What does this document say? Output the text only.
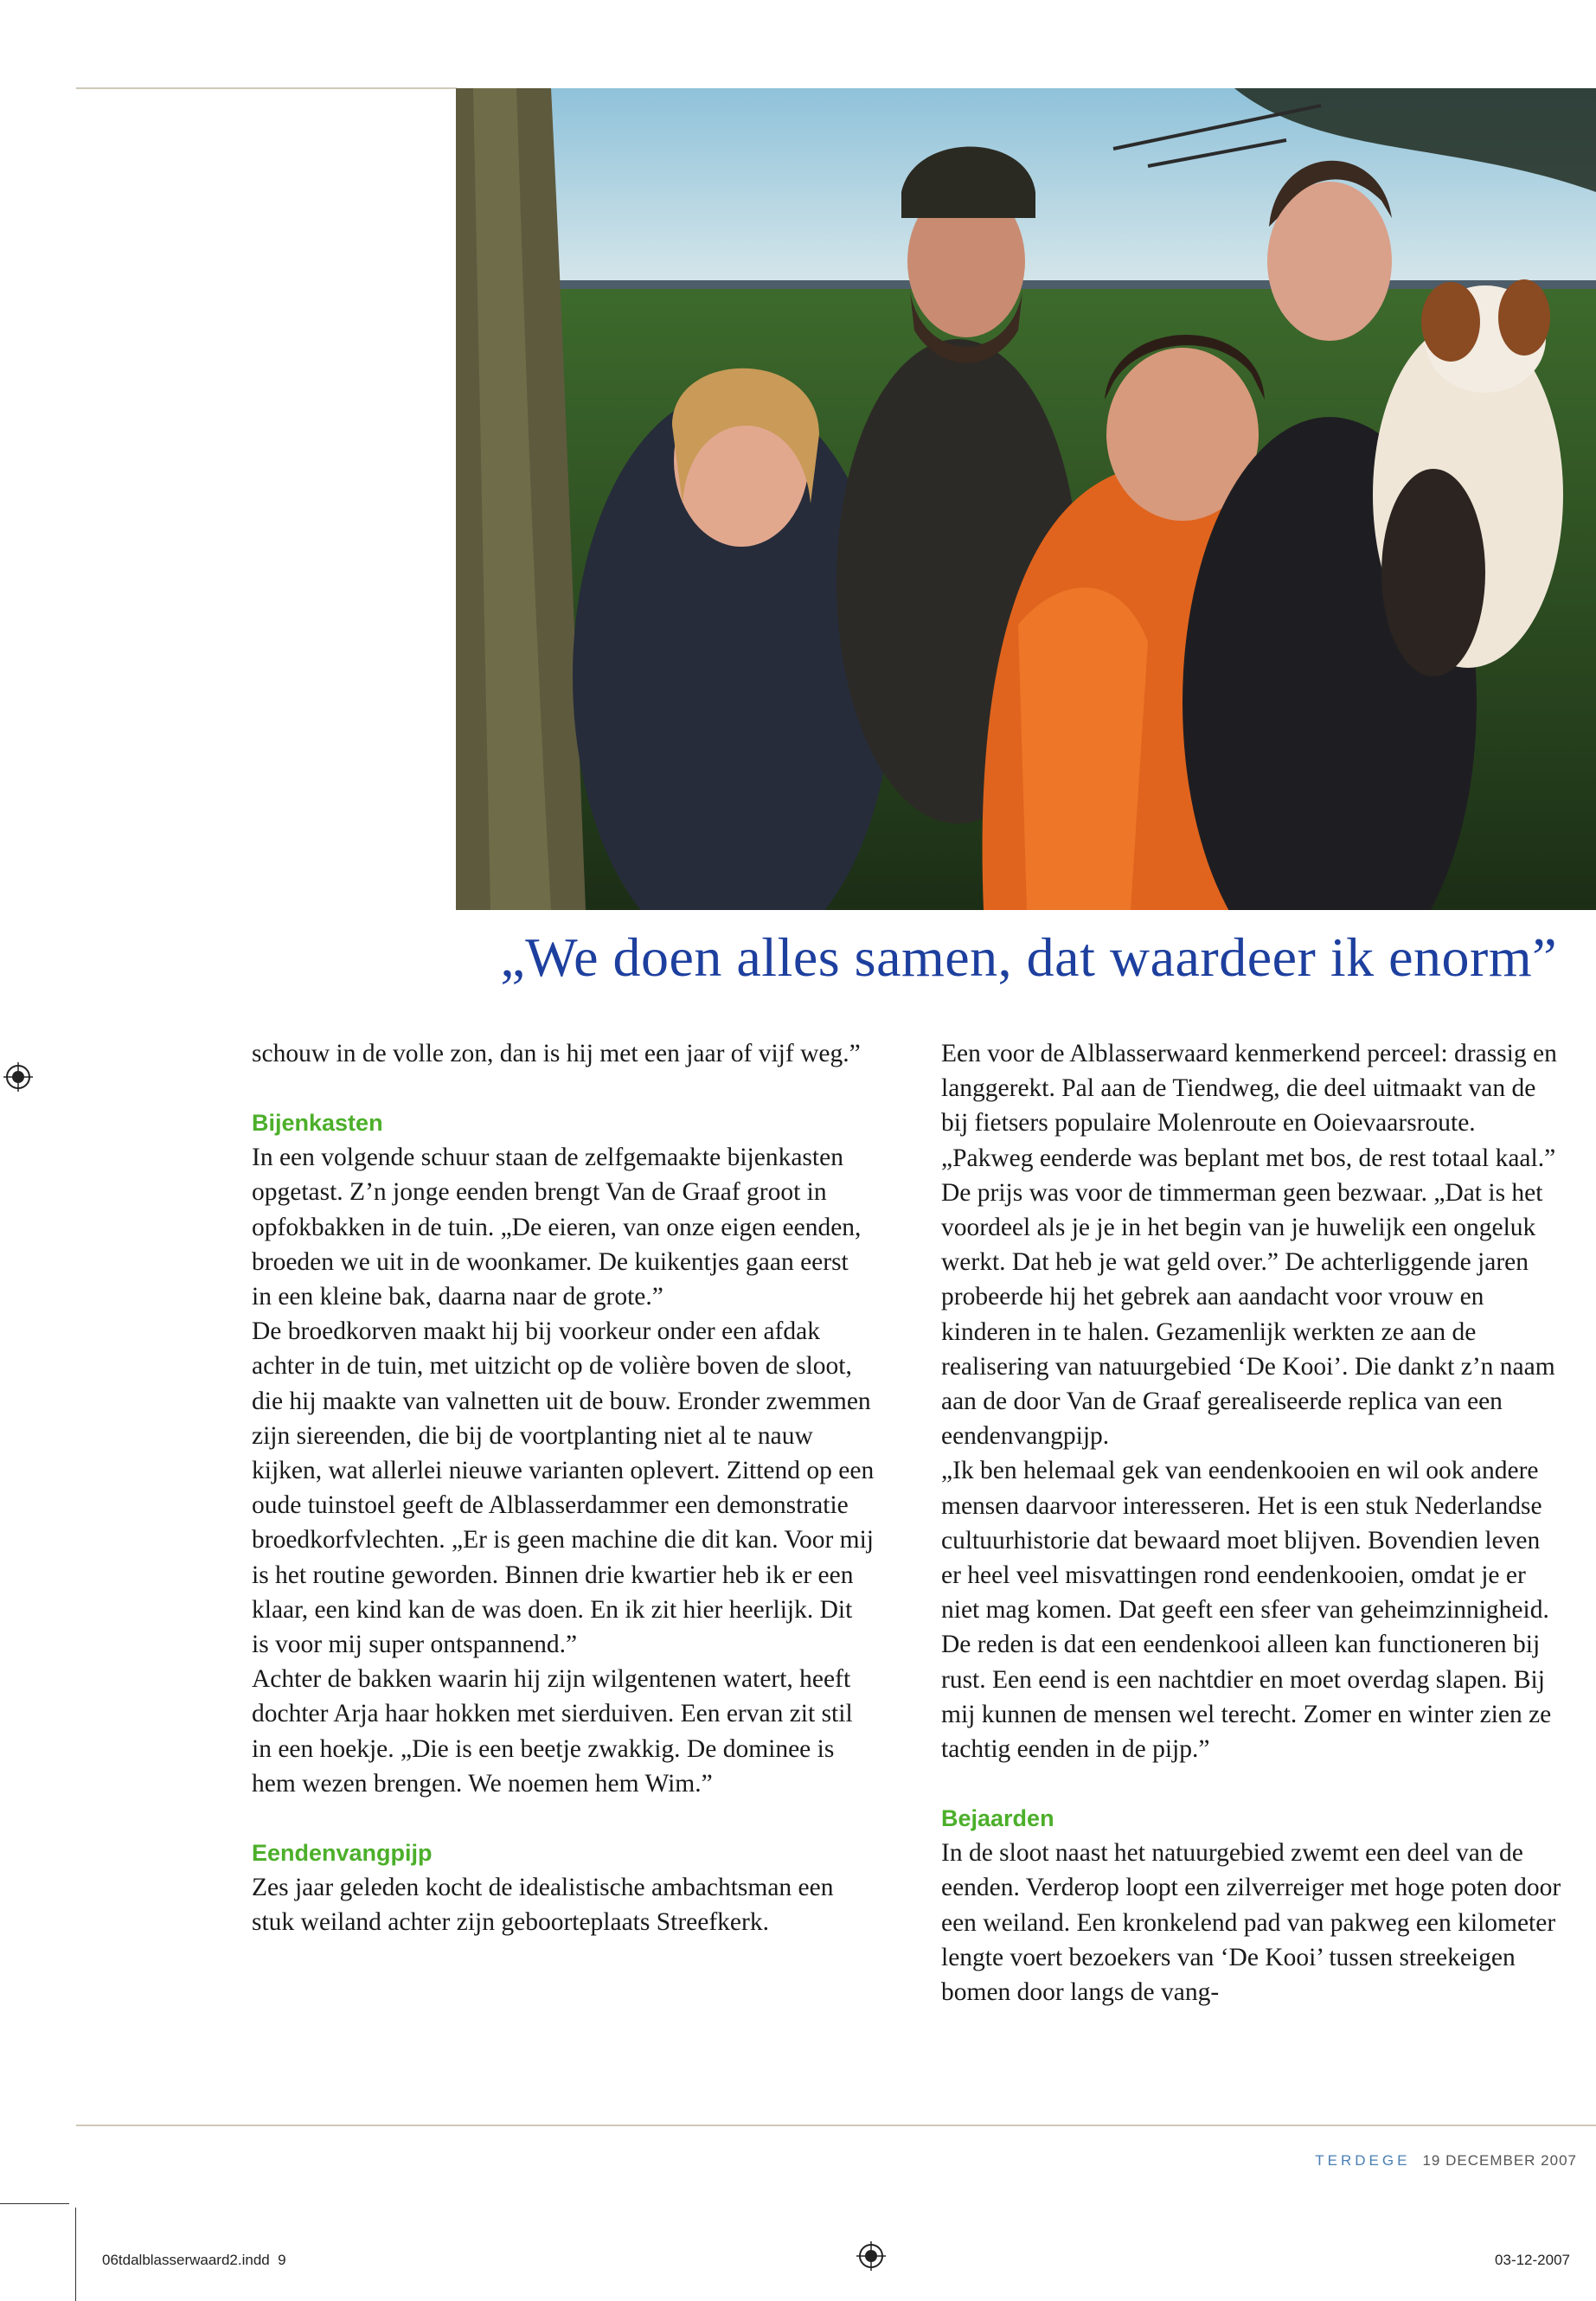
„We doen alles samen, dat waardeer ik enorm”

schouw in de volle zon, dan is hij met een jaar of vijf weg.”

Bijenkasten

In een volgende schuur staan de zelfgemaakte bijenkasten opgetast. Z’n jonge eenden brengt Van de Graaf groot in opfokbakken in de tuin. „De eieren, van onze eigen eenden, broeden we uit in de woonkamer. De kuikentjes gaan eerst in een kleine bak, daarna naar de grote.”

De broedkorven maakt hij bij voorkeur onder een afdak achter in de tuin, met uitzicht op de volière boven de sloot, die hij maakte van valnetten uit de bouw. Eronder zwemmen zijn siereenden, die bij de voortplanting niet al te nauw kijken, wat allerlei nieuwe varianten oplevert. Zittend op een oude tuinstoel geeft de Alblasserdammer een demonstratie broedkorfvlechten. „Er is geen machine die dit kan. Voor mij is het routine geworden. Binnen drie kwartier heb ik er een klaar, een kind kan de was doen. En ik zit hier heerlijk. Dit is voor mij super ontspannend.”

Achter de bakken waarin hij zijn wilgentenen watert, heeft dochter Arja haar hokken met sierduiven. Een ervan zit stil in een hoekje. „Die is een beetje zwakkig. De dominee is hem wezen brengen. We noemen hem Wim.”

Eendenvangpijp

Zes jaar geleden kocht de idealistische ambachtsman een stuk weiland achter zijn geboorteplaats Streefkerk.

Een voor de Alblasserwaard kenmerkend perceel: drassig en langgerekt. Pal aan de Tiendweg, die deel uitmaakt van de bij fietsers populaire Molenroute en Ooievaarsroute. „Pakweg eenderde was beplant met bos, de rest totaal kaal.”

De prijs was voor de timmerman geen bezwaar. „Dat is het voordeel als je je in het begin van je huwelijk een ongeluk werkt. Dat heb je wat geld over.” De achterliggende jaren probeerde hij het gebrek aan aandacht voor vrouw en kinderen in te halen. Gezamenlijk werkten ze aan de realisering van natuurgebied ‘De Kooi’. Die dankt z’n naam aan de door Van de Graaf gerealiseerde replica van een eendenvangpijp.

„Ik ben helemaal gek van eendenkooien en wil ook andere mensen daarvoor interesseren. Het is een stuk Nederlandse cultuurhistorie dat bewaard moet blijven. Bovendien leven er heel veel misvattingen rond eendenkooien, omdat je er niet mag komen. Dat geeft een sfeer van geheimzinnigheid. De reden is dat een eendenkooi alleen kan functioneren bij rust. Een eend is een nachtdier en moet overdag slapen. Bij mij kunnen de mensen wel terecht. Zomer en winter zien ze tachtig eenden in de pijp.”

Bejaarden

In de sloot naast het natuurgebied zwemt een deel van de eenden. Verderop loopt een zilverreiger met hoge poten door een weiland. Een kronkelend pad van pakweg een kilometer lengte voert bezoekers van ‘De Kooi’ tussen streekeigen bomen door langs de vang-

TERDEGE 19 DECEMBER 2007
06tdalblasserwaard2.indd  9	03-12-2007
